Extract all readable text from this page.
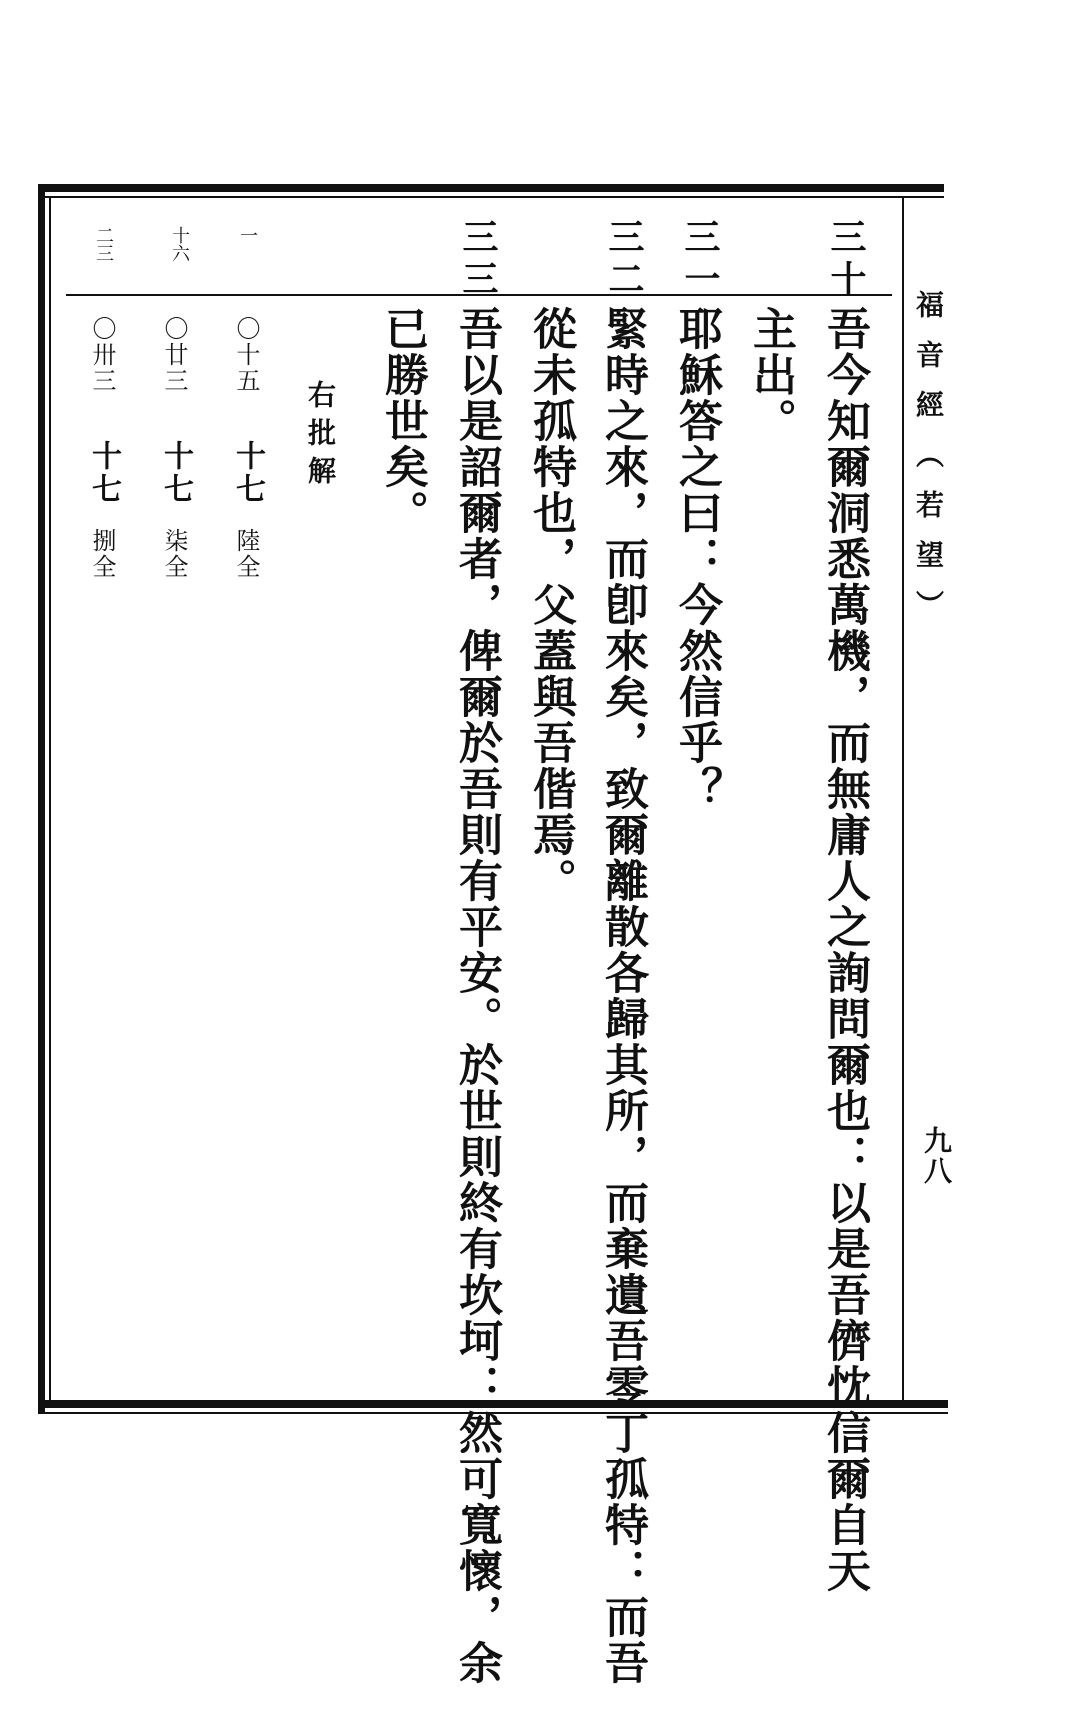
福音經（若望）
九八
三十
吾今知爾洞悉萬機，而無庸人之詢問爾也：以是吾儕忱信爾自天
主出。
三一
耶穌答之曰：今然信乎？
三二
緊時之來，而卽來矣，致爾離散各歸其所，而棄遺吾零丁孤特：而吾
從未孤特也，父蓋與吾偕焉。
三三
吾以是詔爾者，俾爾於吾則有平安。於世則終有坎坷：然可寬懷，余
已勝世矣。
右批解
一
〇十五
十七
陸全
十六
〇廿三
十七
柒全
二三
〇卅三
十七
捌全
